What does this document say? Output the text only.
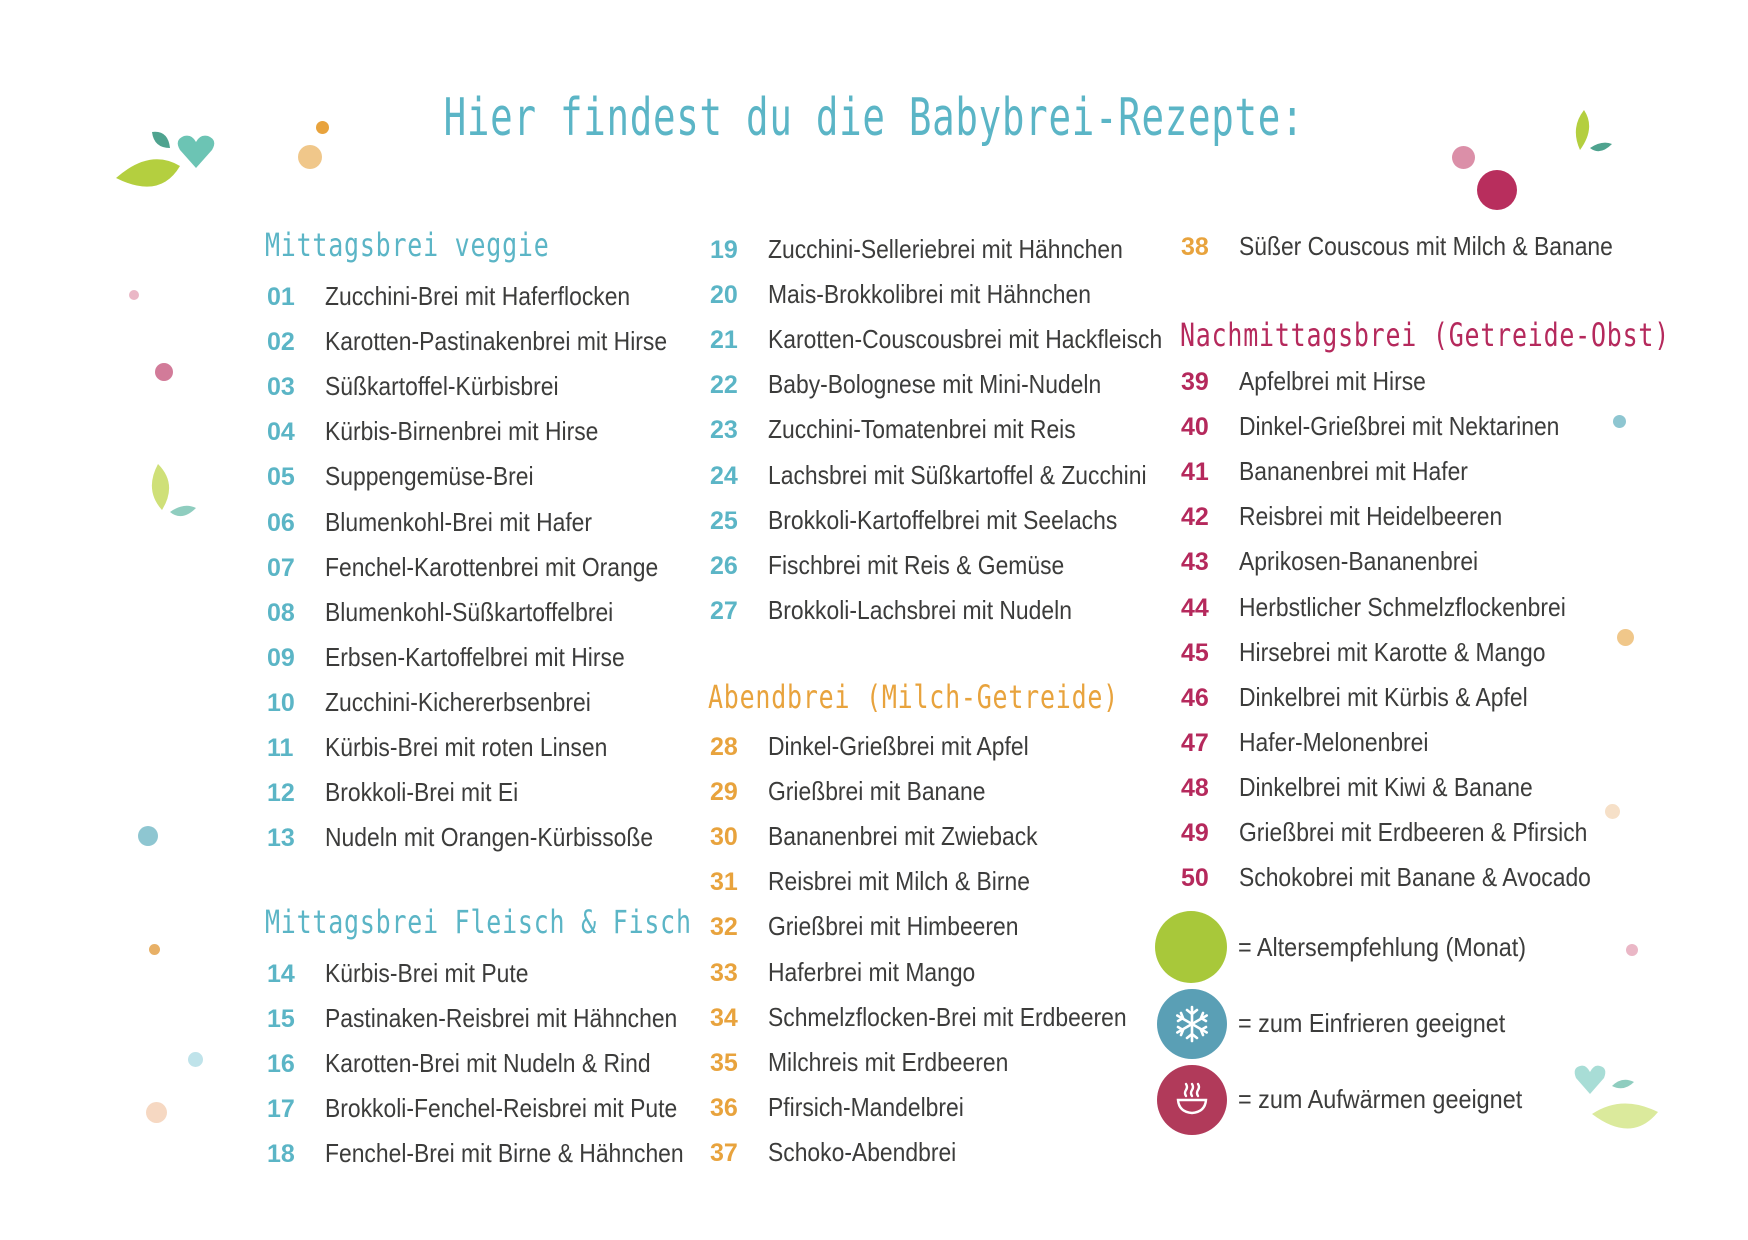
Hier findest du die Babybrei-Rezepte:
Mittagsbrei veggie
01 Zucchini-Brei mit Haferflocken
02 Karotten-Pastinakenbrei mit Hirse
03 Süßkartoffel-Kürbisbrei
04 Kürbis-Birnenbrei mit Hirse
05 Suppengemüse-Brei
06 Blumenkohl-Brei mit Hafer
07 Fenchel-Karottenbrei mit Orange
08 Blumenkohl-Süßkartoffelbrei
09 Erbsen-Kartoffelbrei mit Hirse
10 Zucchini-Kichererbsenbrei
11 Kürbis-Brei mit roten Linsen
12 Brokkoli-Brei mit Ei
13 Nudeln mit Orangen-Kürbissoße
Mittagsbrei Fleisch & Fisch
14 Kürbis-Brei mit Pute
15 Pastinaken-Reisbrei mit Hähnchen
16 Karotten-Brei mit Nudeln & Rind
17 Brokkoli-Fenchel-Reisbrei mit Pute
18 Fenchel-Brei mit Birne & Hähnchen
19 Zucchini-Selleriebrei mit Hähnchen
20 Mais-Brokkolibrei mit Hähnchen
21 Karotten-Couscousbrei mit Hackfleisch
22 Baby-Bolognese mit Mini-Nudeln
23 Zucchini-Tomatenbrei mit Reis
24 Lachsbrei mit Süßkartoffel & Zucchini
25 Brokkoli-Kartoffelbrei mit Seelachs
26 Fischbrei mit Reis & Gemüse
27 Brokkoli-Lachsbrei mit Nudeln
Abendbrei (Milch-Getreide)
28 Dinkel-Grießbrei mit Apfel
29 Grießbrei mit Banane
30 Bananenbrei mit Zwieback
31 Reisbrei mit Milch & Birne
32 Grießbrei mit Himbeeren
33 Haferbrei mit Mango
34 Schmelzflocken-Brei mit Erdbeeren
35 Milchreis mit Erdbeeren
36 Pfirsich-Mandelbrei
37 Schoko-Abendbrei
38 Süßer Couscous mit Milch & Banane
Nachmittagsbrei (Getreide-Obst)
39 Apfelbrei mit Hirse
40 Dinkel-Grießbrei mit Nektarinen
41 Bananenbrei mit Hafer
42 Reisbrei mit Heidelbeeren
43 Aprikosen-Bananenbrei
44 Herbstlicher Schmelzflockenbrei
45 Hirsebrei mit Karotte & Mango
46 Dinkelbrei mit Kürbis & Apfel
47 Hafer-Melonenbrei
48 Dinkelbrei mit Kiwi & Banane
49 Grießbrei mit Erdbeeren & Pfirsich
50 Schokobrei mit Banane & Avocado
= Altersempfehlung (Monat)
= zum Einfrieren geeignet
= zum Aufwärmen geeignet
